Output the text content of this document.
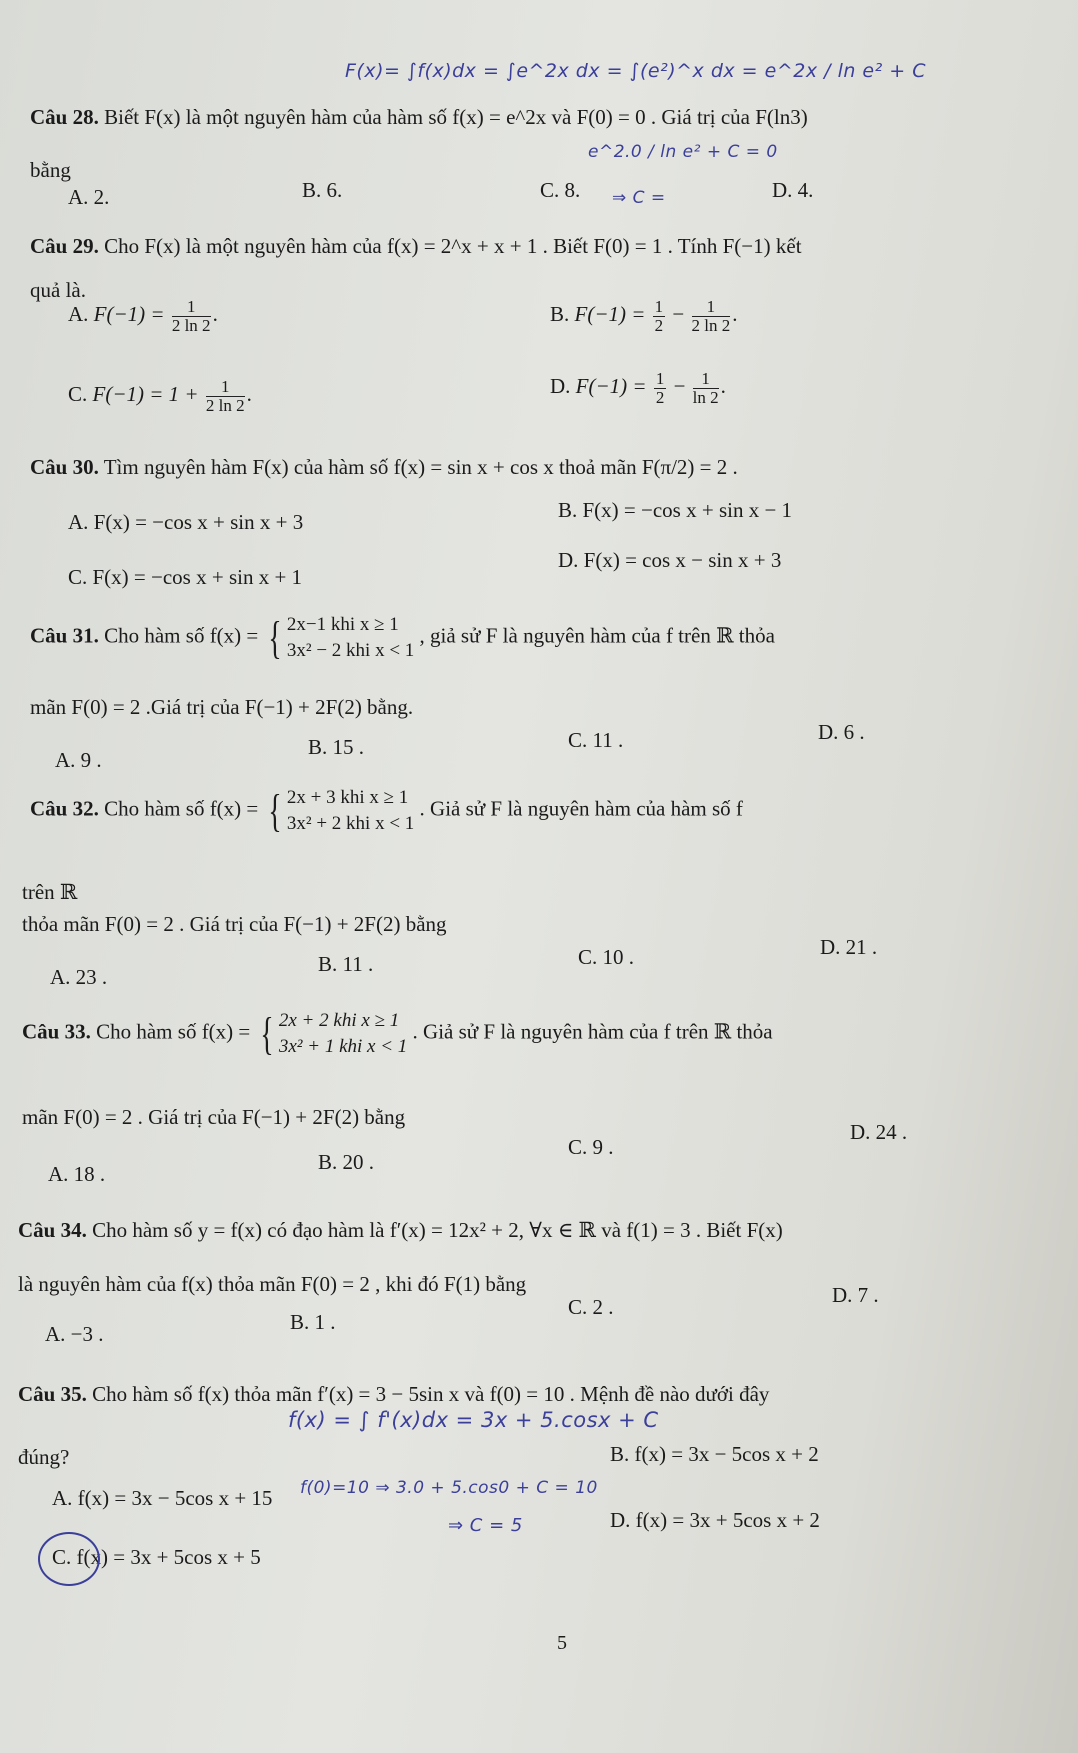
F(x)= ∫f(x)dx = ∫e^2x dx = ∫(e²)^x dx = e^2x / ln e² + C
Câu 28. Biết F(x) là một nguyên hàm của hàm số f(x) = e^2x và F(0) = 0 . Giá trị của F(ln3)
bằng
e^2.0 / ln e² + C = 0
⇒ C =
A. 2.	B. 6.	C. 8.	D. 4.
Câu 29. Cho F(x) là một nguyên hàm của f(x) = 2^x + x + 1 . Biết F(0) = 1 . Tính F(−1) kết
quả là.
A. $F(-1) = \frac{1}{2 \ln 2}$ .	B. $F(-1) = \frac{1}{2} - \frac{1}{2 \ln 2}$ .
C. $F(-1) = 1 + \frac{1}{2 \ln 2}$ .	D. $F(-1) = \frac{1}{2} - \frac{1}{\ln 2}$ .
Câu 30. Tìm nguyên hàm F(x) của hàm số f(x) = sin x + cos x thoả mãn F(π/2) = 2 .
A. F(x) = −cos x + sin x + 3	B. F(x) = −cos x + sin x − 1
C. F(x) = −cos x + sin x + 1
D. F(x) = cos x − sin x + 3
Câu 31. Cho hàm số f(x) = { 2x−1 khi x ≥ 1
3x² − 2 khi x < 1
, giả sử F là nguyên hàm của f trên ℝ thỏa
mãn F(0) = 2 .Giá trị của F(−1) + 2F(2) bằng.
A. 9 .
B. 15 .	C. 11 .	D. 6 .
Câu 32. Cho hàm số f(x) = { 2x + 3 khi x ≥ 1
3x² + 2 khi x < 1
. Giả sử F là nguyên hàm của hàm số f
trên ℝ
thỏa mãn F(0) = 2 . Giá trị của F(−1) + 2F(2) bằng
A. 23 .
B. 11 .	C. 10 .	D. 21 .
Câu 33. Cho hàm số f(x) = { 2x + 2 khi x ≥ 1
3x² + 1 khi x < 1
. Giả sử F là nguyên hàm của f trên ℝ thỏa
mãn F(0) = 2 . Giá trị của F(−1) + 2F(2) bằng
A. 18 .	B. 20 .
C. 9 .
D. 24 .
Câu 34. Cho hàm số y = f(x) có đạo hàm là f′(x) = 12x² + 2, ∀x ∈ ℝ và f(1) = 3 . Biết F(x)
là nguyên hàm của f(x) thỏa mãn F(0) = 2 , khi đó F(1) bằng
A. −3 .	B. 1 .
C. 2 .	D. 7 .
Câu 35. Cho hàm số f(x) thỏa mãn f′(x) = 3 − 5sin x và f(0) = 10 . Mệnh đề nào dưới đây
f(x) = ∫ f'(x)dx = 3x + 5.cosx + C
đúng?
A. f(x) = 3x − 5cos x + 15
B. f(x) = 3x − 5cos x + 2
f(0)=10 ⇒ 3.0 + 5.cos0 + C = 10
⇒ C = 5
C. f(x) = 3x + 5cos x + 5
D. f(x) = 3x + 5cos x + 2
5
